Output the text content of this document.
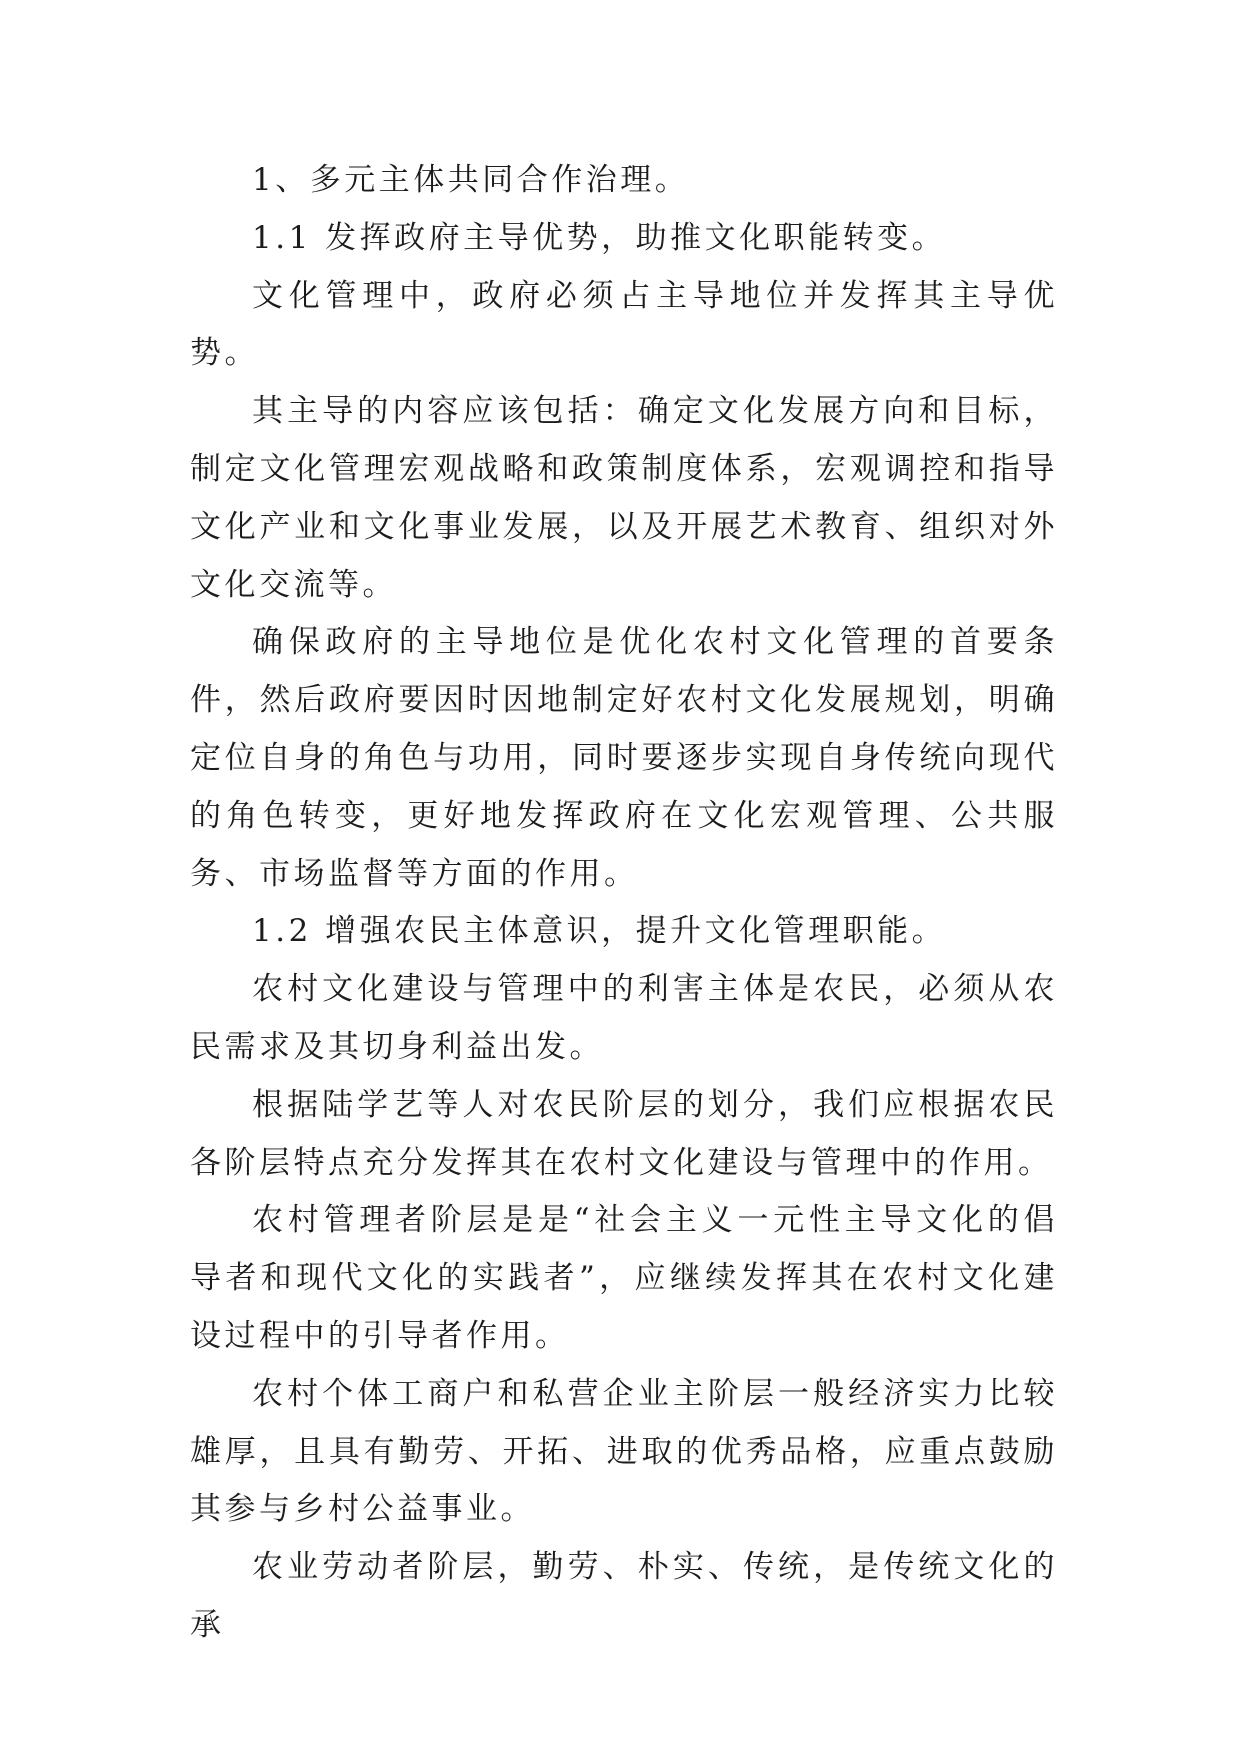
1、多元主体共同合作治理。

1.1 发挥政府主导优势，助推文化职能转变。

文化管理中，政府必须占主导地位并发挥其主导优势。

其主导的内容应该包括：确定文化发展方向和目标，制定文化管理宏观战略和政策制度体系，宏观调控和指导文化产业和文化事业发展，以及开展艺术教育、组织对外文化交流等。

确保政府的主导地位是优化农村文化管理的首要条件，然后政府要因时因地制定好农村文化发展规划，明确定位自身的角色与功用，同时要逐步实现自身传统向现代的角色转变，更好地发挥政府在文化宏观管理、公共服务、市场监督等方面的作用。

1.2 增强农民主体意识，提升文化管理职能。

农村文化建设与管理中的利害主体是农民，必须从农民需求及其切身利益出发。

根据陆学艺等人对农民阶层的划分，我们应根据农民各阶层特点充分发挥其在农村文化建设与管理中的作用。

农村管理者阶层是是“社会主义一元性主导文化的倡导者和现代文化的实践者”，应继续发挥其在农村文化建设过程中的引导者作用。

农村个体工商户和私营企业主阶层一般经济实力比较雄厚，且具有勤劳、开拓、进取的优秀品格，应重点鼓励其参与乡村公益事业。

农业劳动者阶层，勤劳、朴实、传统，是传统文化的承
